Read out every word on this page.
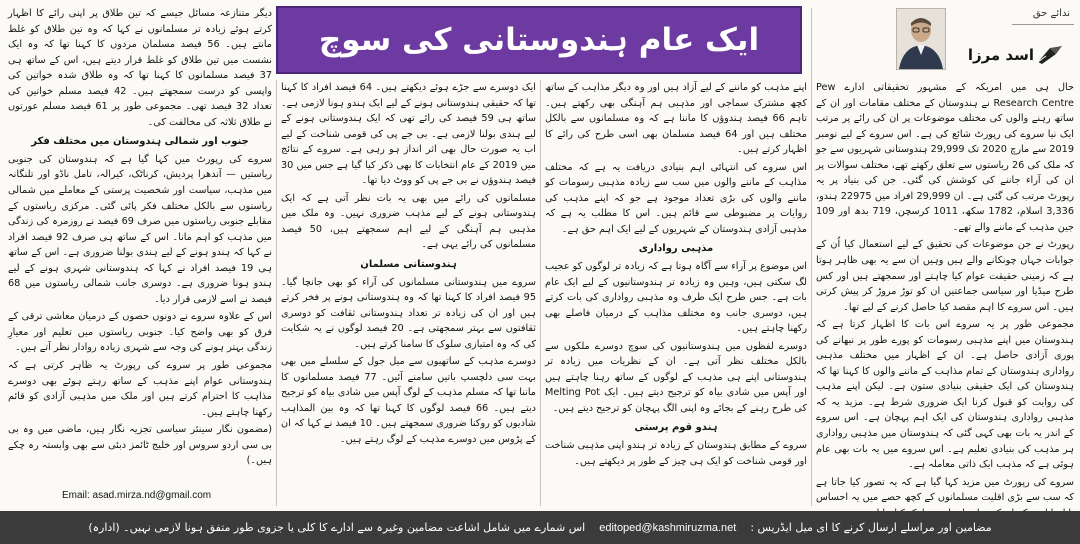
ایک عام ہندوستانی کی سوچ
ندائے حق
اسد مرزا

حال ہی میں امریکہ کے مشہور تحقیقاتی ادارے Pew Research Centre نے ہندوستان کے مختلف مقامات اور ان کے ساتھ رہنے والوں کی مختلف موضوعات پر ان کی رائے پر مرتب ایک نیا سروے کی رپورٹ شائع کی ہے۔ اس سروے کے لیے نومبر 2019 سے مارچ 2020 تک 29,999 ہندوستانی شہریوں سے جو کہ ملک کی 26 ریاستوں سے تعلق رکھتے تھے، مختلف سوالات پر ان کی آراء جاننے کی کوشش کی گئی۔ جن کی بنیاد پر یہ رپورٹ مرتب کی گئی ہے۔ ان 29,999 افراد میں 22975 ہندو، 3,336 اسلام، 1782 سکھ، 1011 کرسچن، 719 بدھ اور 109 جین مذہب کے ماننے والے تھے۔

رپورٹ نے جن موضوعات کی تحقیق کے لیے استعمال کیا اُن کے جوابات جہاں چونکانے والے ہیں وہیں ان سے یہ بھی ظاہر ہوتا ہے کہ زمینی حقیقت عوام کیا چاہتے اور سمجھتے ہیں اور کس طرح میڈیا اور سیاسی جماعتیں ان کو توڑ مروڑ کر پیش کرتی ہیں۔ اس سروے کا اہم مقصد کیا حاصل کرنے کے لیے تھا۔

مجموعی طور پر یہ سروے اس بات کا اظہار کرتا ہے کہ ہندوستان میں اپنے مذہبی رسومات کو پورے طور پر نبھانے کی پوری آزادی حاصل ہے۔ ان کے اظہار میں مختلف مذہبی رواداری ہندوستان کے تمام مذاہب کے ماننے والوں کا کہنا تھا کہ ہندوستان کی ایک حقیقی بنیادی ستون ہے۔ لیکن اپنے مذہب کی روایت کو قبول کرنا ایک ضروری شرط ہے۔ مزید یہ کہ مذہبی رواداری ہندوستان کی ایک اہم پہچان ہے۔ اس سروے کے اندر یہ بات بھی کہی گئی کہ ہندوستان میں مذہبی رواداری ہر مذہب کی بنیادی تعلیم ہے۔ اس سروے میں یہ بات بھی عام ہوئی ہے کہ مذہب ایک ذاتی معاملہ ہے۔

سروے کی رپورٹ میں مزید کہا گیا ہے کہ یہ تصور کیا جاتا ہے کہ سب سے بڑی اقلیت مسلمانوں کے کچھ حصے میں یہ احساس

اپنے مذہب کو ماننے کے لیے آزاد ہیں اور وہ دیگر مذاہب کے ساتھ کچھ مشترک سماجی اور مذہبی ہم آہنگی بھی رکھتے ہیں۔ تاہم 66 فیصد ہندوؤں کا ماننا ہے کہ وہ مسلمانوں سے بالکل مختلف ہیں اور 64 فیصد مسلمان بھی اسی طرح کی رائے کا اظہار کرتے ہیں۔

اس سروے کی انتہائی اہم بنیادی دریافت یہ ہے کہ مختلف مذاہب کے ماننے والوں میں سب سے زیادہ مذہبی رسومات کو ماننے والوں کی بڑی تعداد موجود ہے جو کہ اپنے مذہب کی روایات پر مضبوطی سے قائم ہیں۔ اس کا مطلب یہ ہے کہ مذہبی آزادی ہندوستان کے شہریوں کے لیے ایک اہم حق ہے۔

مذہبی رواداری

اس موضوع پر آراء سے آگاہ ہوتا ہے کہ زیادہ تر لوگوں کو عجیب لگ سکتی ہیں، وہیں وہ زیادہ تر ہندوستانیوں کے لیے ایک عام بات ہے۔ جس طرح ایک طرف وہ مذہبی رواداری کی بات کرتے ہیں، دوسری جانب وہ مختلف مذاہب کے درمیان فاصلے بھی رکھنا چاہتے ہیں۔

دوسرے لفظوں میں ہندوستانیوں کی سوچ دوسرے ملکوں سے بالکل مختلف نظر آتی ہے۔ ان کے نظریات میں زیادہ تر ہندوستانی اپنے ہی مذہب کے لوگوں کے ساتھ رہنا چاہتے ہیں اور آپس میں شادی بیاہ کو ترجیح دیتے ہیں۔ ایک Melting Pot کی طرح رہنے کے بجائے وہ اپنی الگ پہچان کو ترجیح دیتے ہیں۔

ہندو قوم پرستی

سروے کے مطابق ہندوستان کے زیادہ تر ہندو اپنی مذہبی شناخت اور قومی شناخت کو ایک ہی چیز کے طور پر دیکھتے ہیں۔

ایک دوسرے سے جڑے ہوئے دیکھتے ہیں۔ 64 فیصد افراد کا کہنا تھا کہ حقیقی ہندوستانی ہونے کے لیے ایک ہندو ہونا لازمی ہے۔ ساتھ ہی 59 فیصد کی رائے تھی کہ ایک ہندوستانی ہونے کے لیے ہندی بولنا لازمی ہے۔ بی جے پی کی قومی شناخت کے لیے اب یہ صورت حال بھی اثر انداز ہو رہی ہے۔ سروے کے نتائج میں 2019 کے عام انتخابات کا بھی ذکر کیا گیا ہے جس میں 30 فیصد ہندوؤں نے بی جے پی کو ووٹ دیا تھا۔

مسلمانوں کی رائے میں بھی یہ بات نظر آتی ہے کہ ایک ہندوستانی ہونے کے لیے مذہب ضروری نہیں۔ وہ ملک میں مذہبی ہم آہنگی کے لیے اہم سمجھتے ہیں، 50 فیصد مسلمانوں کی رائے یہی ہے۔

ہندوستانی مسلمان

سروے میں ہندوستانی مسلمانوں کی آراء کو بھی جانچا گیا۔ 95 فیصد افراد کا کہنا تھا کہ وہ ہندوستانی ہونے پر فخر کرتے ہیں اور ان کی زیادہ تر تعداد ہندوستانی ثقافت کو دوسری ثقافتوں سے بہتر سمجھتی ہے۔ 20 فیصد لوگوں نے یہ شکایت کی کہ وہ امتیازی سلوک کا سامنا کرتے ہیں۔

دوسرے مذہب کے ساتھیوں سے میل جول کے سلسلے میں بھی بہت سی دلچسپ باتیں سامنے آئیں۔ 77 فیصد مسلمانوں کا ماننا تھا کہ مسلم مذہب کے لوگ آپس میں شادی بیاہ کو ترجیح دیتے ہیں۔ 66 فیصد لوگوں کا کہنا تھا کہ وہ بین المذاہب شادیوں کو روکنا ضروری سمجھتے ہیں۔ 10 فیصد نے کہا کہ ان کے پڑوس میں دوسرے مذہب کے لوگ رہتے ہیں۔

دیگر متنازعہ مسائل جیسے کہ تین طلاق پر اپنی رائے کا اظہار کرتے ہوئے زیادہ تر مسلمانوں نے کہا کہ وہ تین طلاق کو غلط مانتے ہیں۔ 56 فیصد مسلمان مردوں کا کہنا تھا کہ وہ ایک نشست میں تین طلاق کو غلط قرار دیتے ہیں، اس کے ساتھ ہی 37 فیصد مسلمانوں کا کہنا تھا کہ وہ طلاق شدہ خواتین کی واپسی کو درست سمجھتے ہیں۔ 42 فیصد مسلم خواتین کی تعداد 32 فیصد تھی۔ مجموعی طور پر 61 فیصد مسلم عورتوں نے طلاق ثلاثہ کی مخالفت کی۔

جنوب اور شمالی ہندوستان میں مختلف فکر

سروے کی رپورٹ میں کہا گیا ہے کہ ہندوستان کی جنوبی ریاستیں — آندھرا پردیش، کرناٹک، کیرالہ، تامل ناڈو اور تلنگانہ میں مذہب، سیاست اور شخصیت پرستی کے معاملے میں شمالی ریاستوں سے بالکل مختلف فکر پائی گئی۔ مرکزی ریاستوں کے مقابلے جنوبی ریاستوں میں صرف 69 فیصد نے روزمرہ کی زندگی میں مذہب کو اہم مانا۔ اس کے ساتھ ہی صرف 92 فیصد افراد نے کہا کہ ہندو ہونے کے لیے ہندی بولنا ضروری ہے۔ اس کے ساتھ ہی 19 فیصد افراد نے کہا کہ ہندوستانی شہری ہونے کے لیے ہندو ہونا ضروری ہے۔ دوسری جانب شمالی ریاستوں میں 68 فیصد نے اسے لازمی قرار دیا۔

اس کے علاوہ سروے نے دونوں حصوں کے درمیان معاشی ترقی کے فرق کو بھی واضح کیا۔ جنوبی ریاستوں میں تعلیم اور معیارِ زندگی بہتر ہونے کی وجہ سے شہری زیادہ روادار نظر آتے ہیں۔

مجموعی طور پر سروے کی رپورٹ یہ ظاہر کرتی ہے کہ ہندوستانی عوام اپنے مذہب کے ساتھ رہتے ہوئے بھی دوسرے مذاہب کا احترام کرتے ہیں اور ملک میں مذہبی آزادی کو قائم رکھنا چاہتے ہیں۔

(مضمون نگار سینئر سیاسی تجزیہ نگار ہیں، ماضی میں وہ بی بی سی اردو سروس اور خلیج ٹائمز دبئی سے بھی وابستہ رہ چکے ہیں۔)

Email: asad.mirza.nd@gmail.com
مضامین اور مراسلے ارسال کرنے کا ای میل ایڈریس :
editoped@kashmiruzma.net
اس شمارے میں شامل اشاعت مضامین وغیرہ سے ادارے کا کلی یا جزوی طور متفق ہونا لازمی نہیں۔ (ادارہ)
